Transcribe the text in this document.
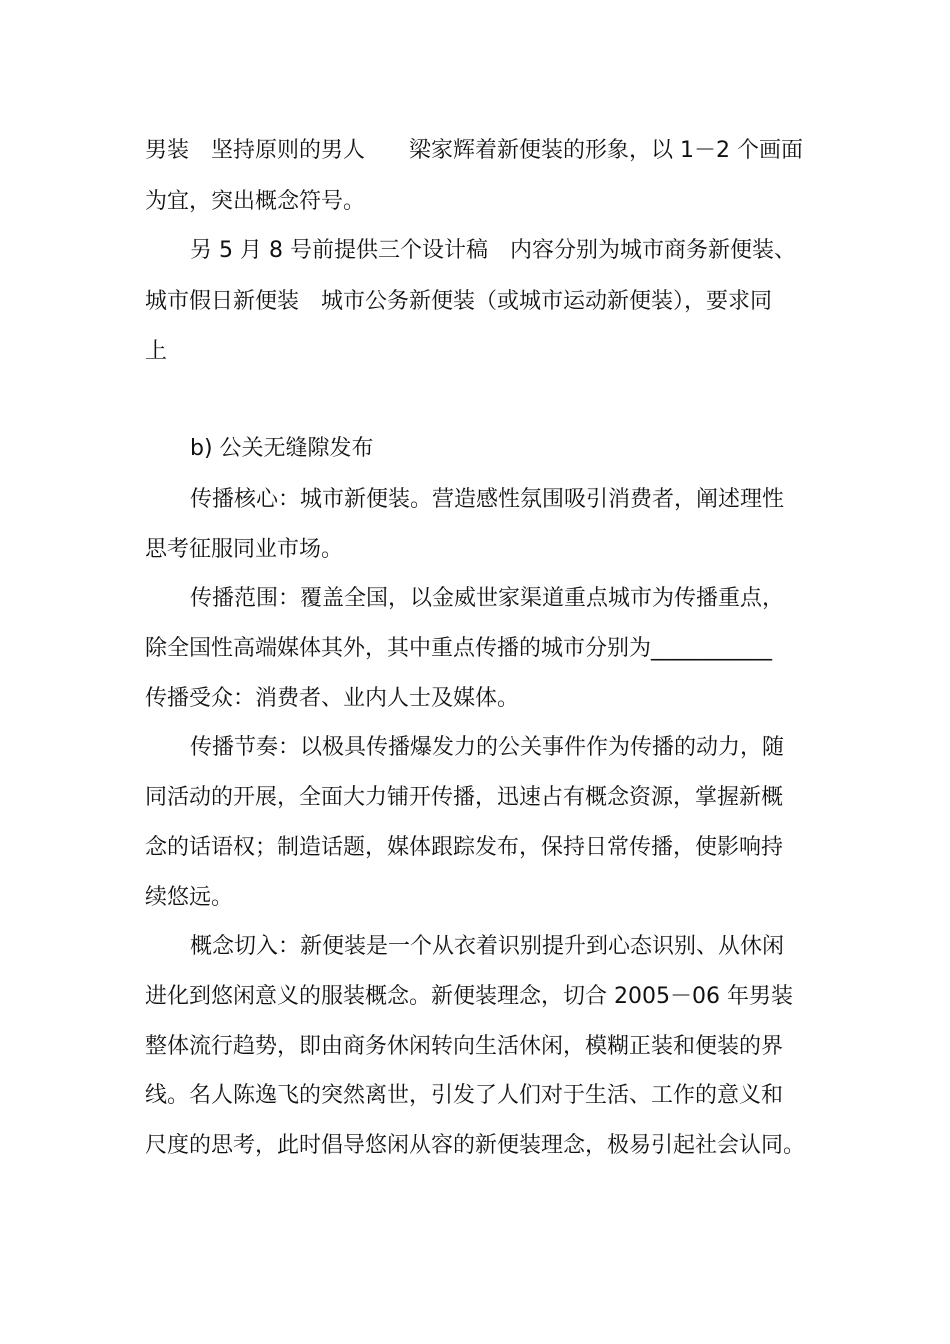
男装　坚持原则的男人　　梁家辉着新便装的形象，以 1－2 个画面
为宜，突出概念符号。
另 5 月 8 号前提供三个设计稿　内容分别为城市商务新便装、
城市假日新便装　城市公务新便装（或城市运动新便装），要求同
上
b) 公关无缝隙发布
传播核心：城市新便装。营造感性氛围吸引消费者，阐述理性
思考征服同业市场。
传播范围：覆盖全国，以金威世家渠道重点城市为传播重点，
除全国性高端媒体其外，其中重点传播的城市分别为___________
传播受众：消费者、业内人士及媒体。
传播节奏：以极具传播爆发力的公关事件作为传播的动力，随
同活动的开展，全面大力铺开传播，迅速占有概念资源，掌握新概
念的话语权；制造话题，媒体跟踪发布，保持日常传播，使影响持
续悠远。
概念切入：新便装是一个从衣着识别提升到心态识别、从休闲
进化到悠闲意义的服装概念。新便装理念，切合 2005－06 年男装
整体流行趋势，即由商务休闲转向生活休闲，模糊正装和便装的界
线。名人陈逸飞的突然离世，引发了人们对于生活、工作的意义和
尺度的思考，此时倡导悠闲从容的新便装理念，极易引起社会认同。
